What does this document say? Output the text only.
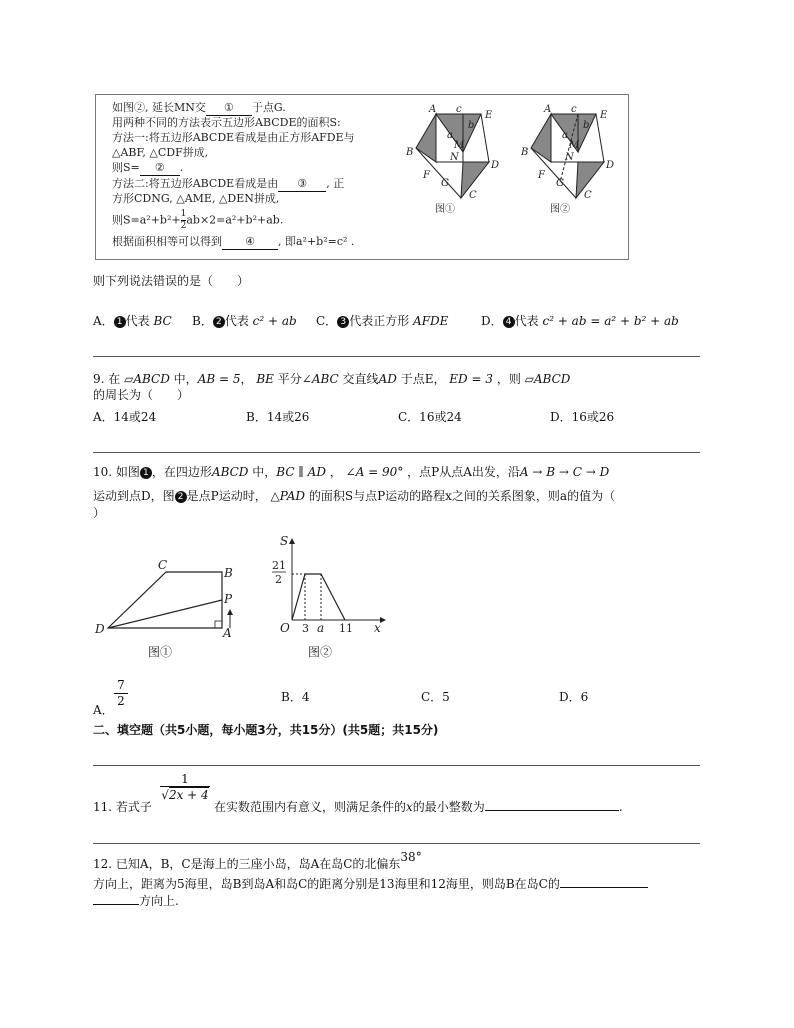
如图②, 延长MN交 ① 于点G.
用两种不同的方法表示五边形ABCDE的面积S:
方法一:将五边形ABCDE看成是由正方形AFDE与
△ABF, △CDF拼成,
则S= ② .
方法二:将五边形ABCDE看成是由 ③ , 正
方形CDNG, △AME, △DEN拼成,
则$S=a^2+b^2+ \frac{1}{2} ab\times 2=a^2+b^2+ab$.
根据面积相等可以得到 ④ , 即a²+b²=c² .
A c
E
b
a
M
N
B
D
F
G
C
图①
A c
E
b
a
M
N
B
D
F
G
C
图②
则下列说法错误的是（　　）
A． 1 代表 BC B． 2 代表 c² + ab C． 3 代表正方形 AFDE	D． 4 代表 c² + ab = a² + b² + ab
9. 在 ▱ABCD 中，AB = 5， BE 平分∠ABC 交直线AD 于点E， ED = 3 ，则 ▱ABCD
的周长为（　　）
A．14或24	B．14或26	C．16或24	D．16或26
10. 如图 1 ，在四边形ABCD 中，BC ∥ AD ， ∠A = 90° ，点P从点A出发，沿A → B → C → D
运动到点D，图 2 是点P运动时， △PAD 的面积S与点P运动的路程x之间的关系图象，则a的值为（
）
C
B
P
D	A
图①
S
21
2
O 3 a 11 x
图②
A．
7
2	B．4	C．5	D．6
二、填空题（共5小题，每小题3分，共15分）(共5题；共15分)
1
√2x + 4
11. 若式子	在实数范围内有意义，则满足条件的x的最小整数为	.
12. 已知A，B，C是海上的三座小岛，岛A在岛C的北偏东38°
方向上，距离为5海里，岛B到岛A和岛C的距离分别是13海里和12海里，则岛B在岛C的
方向上.
